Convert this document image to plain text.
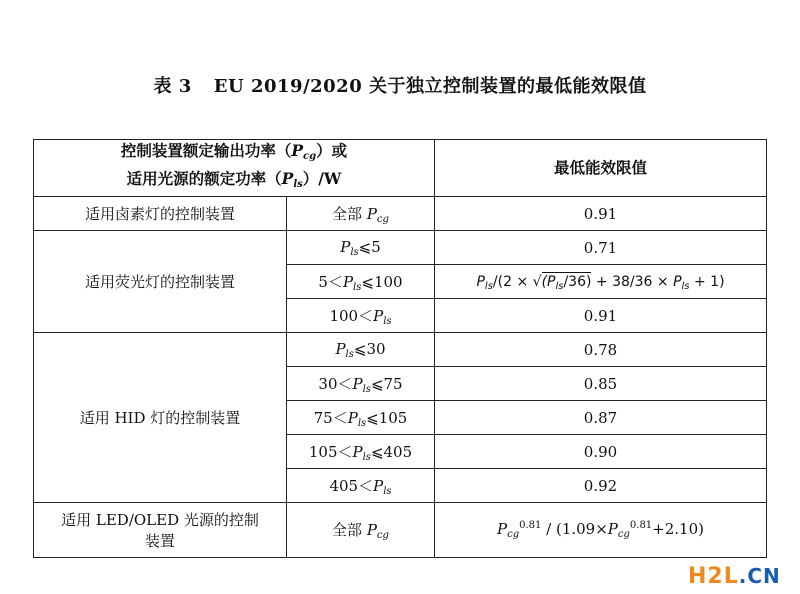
表 3 EU 2019/2020 关于独立控制装置的最低能效限值
控制装置额定输出功率$(P_{cg})$或
适用光源的额定功率$(P_{ls})/W$		最低能效限值
适用卤素灯的控制装置	全部 $P_{cg}$	0.91
适用荧光灯的控制装置	$P_{ls}⩽5$	0.71
	$5<P_{ls}⩽100$	$P_{ls}/(2 \times √(P_{ls}/36) + 38/36 \times P_{ls} + 1)$
	$100<P_{ls}$	0.91
适用 HID 灯的控制装置	$P_{ls}⩽30$	0.78
	$30<P_{ls}⩽75$	0.85
	$75<P_{ls}⩽105$	0.87
	$105<P_{ls}⩽405$	0.90
	$405<P_{ls}$	0.92

适用 LED/OLED 光源的控制
装置	全部 $P_{cg}$	$P_{cg}^{0.81} / (1.09\times P_{cg}^{0.81}+2.10)$
H2L.CN
